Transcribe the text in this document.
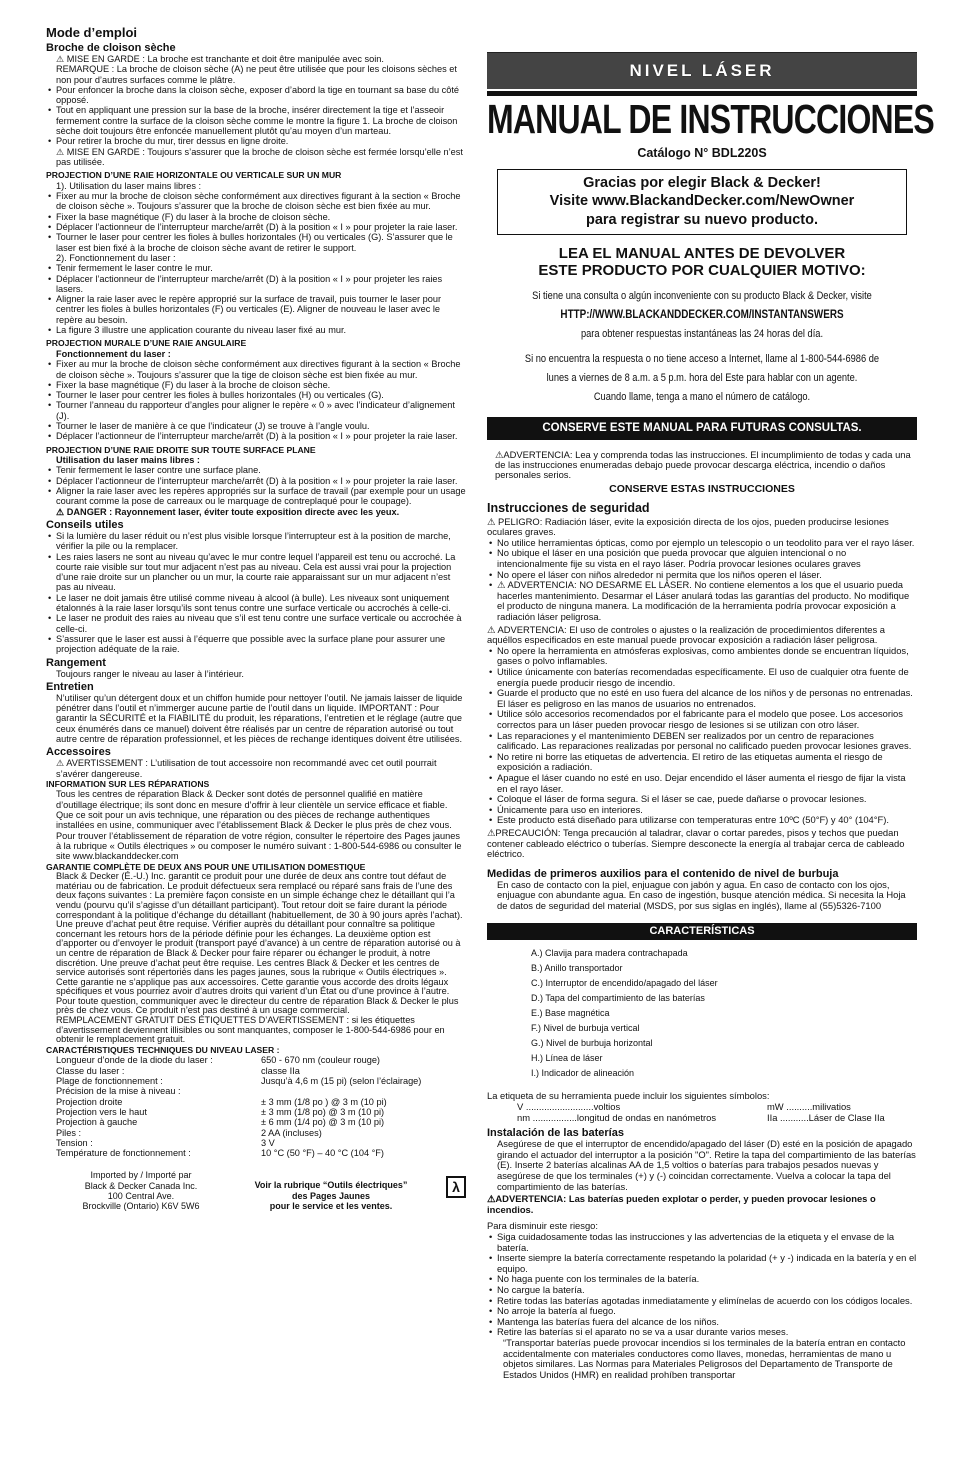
Mode d’emploi
Broche de cloison sèche

⚠ MISE EN GARDE : La broche est tranchante et doit être manipulée avec soin.

REMARQUE : La broche de cloison sèche (A) ne peut être utilisée que pour les cloisons sèches et non pour d’autres surfaces comme le plâtre.

• Pour enfoncer la broche dans la cloison sèche, exposer d’abord la tige en tournant sa base du côté opposé.

• Tout en appliquant une pression sur la base de la broche, insérer directement la tige et l’asseoir fermement contre la surface de la cloison sèche comme le montre la figure 1. La broche de cloison sèche doit toujours être enfoncée manuellement plutôt qu’au moyen d’un marteau.

• Pour retirer la broche du mur, tirer dessus en ligne droite.

⚠ MISE EN GARDE : Toujours s’assurer que la broche de cloison sèche est fermée lorsqu’elle n’est pas utilisée.

PROJECTION D’UNE RAIE HORIZONTALE OU VERTICALE SUR UN MUR

1). Utilisation du laser mains libres :

• Fixer au mur la broche de cloison sèche conformément aux directives figurant à la section « Broche de cloison sèche ». Toujours s’assurer que la broche de cloison sèche est bien fixée au mur.

• Fixer la base magnétique (F) du laser à la broche de cloison sèche.

• Déplacer l’actionneur de l’interrupteur marche/arrêt (D) à la position « I » pour projeter la raie laser.

• Tourner le laser pour centrer les fioles à bulles horizontales (H) ou verticales (G). S’assurer que le laser est bien fixé à la broche de cloison sèche avant de retirer le support.

2). Fonctionnement du laser :

• Tenir fermement le laser contre le mur.

• Déplacer l’actionneur de l’interrupteur marche/arrêt (D) à la position « I » pour projeter les raies lasers.

• Aligner la raie laser avec le repère approprié sur la surface de travail, puis tourner le laser pour centrer les fioles à bulles horizontales (F) ou verticales (E). Aligner de nouveau le laser avec le repère au besoin.

• La figure 3 illustre une application courante du niveau laser fixé au mur.

PROJECTION MURALE D’UNE RAIE ANGULAIRE

Fonctionnement du laser :

• Fixer au mur la broche de cloison sèche conformément aux directives figurant à la section « Broche de cloison sèche ». Toujours s’assurer que la tige de cloison sèche est bien fixée au mur.

• Fixer la base magnétique (F) du laser à la broche de cloison sèche.

• Tourner le laser pour centrer les fioles à bulles horizontales (H) ou verticales (G).

• Tourner l’anneau du rapporteur d’angles pour aligner le repère « 0 » avec l’indicateur d’alignement (J).

• Tourner le laser de manière à ce que l’indicateur (J) se trouve à l’angle voulu.

• Déplacer l’actionneur de l’interrupteur marche/arrêt (D) à la position « I » pour projeter la raie laser.

PROJECTION D’UNE RAIE DROITE SUR TOUTE SURFACE PLANE

Utilisation du laser mains libres :

• Tenir fermement le laser contre une surface plane.

• Déplacer l’actionneur de l’interrupteur marche/arrêt (D) à la position « I » pour projeter la raie laser.

• Aligner la raie laser avec les repères appropriés sur la surface de travail (par exemple pour un usage courant comme la pose de carreaux ou le marquage de contreplaqué pour le coupage).

⚠ DANGER : Rayonnement laser, éviter toute exposition directe avec les yeux.

Conseils utiles

• Si la lumière du laser réduit ou n’est plus visible lorsque l’interrupteur est à la position de marche, vérifier la pile ou la remplacer.

• Les raies lasers ne sont au niveau qu’avec le mur contre lequel l’appareil est tenu ou accroché. La courte raie visible sur tout mur adjacent n’est pas au niveau. Cela est aussi vrai pour la projection d’une raie droite sur un plancher ou un mur, la courte raie apparaissant sur un mur adjacent n’est pas au niveau.

• Le laser ne doit jamais être utilisé comme niveau à alcool (à bulle). Les niveaux sont uniquement étalonnés à la raie laser lorsqu’ils sont tenus contre une surface verticale ou accrochés à celle-ci.

• Le laser ne produit des raies au niveau que s’il est tenu contre une surface verticale ou accrochée à celle-ci.

• S’assurer que le laser est aussi à l’équerre que possible avec la surface plane pour assurer une projection adéquate de la raie.

Rangement

Toujours ranger le niveau au laser à l’intérieur.

Entretien

N’utiliser qu’un détergent doux et un chiffon humide pour nettoyer l’outil. Ne jamais laisser de liquide pénétrer dans l’outil et n’immerger aucune partie de l’outil dans un liquide. IMPORTANT : Pour garantir la SÉCURITÉ et la FIABILITÉ du produit, les réparations, l’entretien et le réglage (autre que ceux énumérés dans ce manuel) doivent être réalisés par un centre de réparation autorisé ou tout autre centre de réparation professionnel, et les pièces de rechange identiques doivent être utilisées.

Accessoires

⚠ AVERTISSEMENT : L’utilisation de tout accessoire non recommandé avec cet outil pourrait s’avérer dangereuse.

INFORMATION SUR LES RÉPARATIONS

Tous les centres de réparation Black & Decker sont dotés de personnel qualifié en matière d’outillage électrique; ils sont donc en mesure d’offrir à leur clientèle un service efficace et fiable. Que ce soit pour un avis technique, une réparation ou des pièces de rechange authentiques installées en usine, communiquer avec l’établissement Black & Decker le plus près de chez vous. Pour trouver l’établissement de réparation de votre région, consulter le répertoire des Pages jaunes à la rubrique « Outils électriques » ou composer le numéro suivant : 1-800-544-6986 ou consulter le site www.blackanddecker.com

GARANTIE COMPLÈTE DE DEUX ANS POUR UNE UTILISATION DOMESTIQUE

Black & Decker (É.-U.) Inc. garantit ce produit pour une durée de deux ans contre tout défaut de matériau ou de fabrication. Le produit défectueux sera remplacé ou réparé sans frais de l’une des deux façons suivantes : La première façon consiste en un simple échange chez le détaillant qui l’a vendu (pourvu qu’il s’agisse d’un détaillant participant). Tout retour doit se faire durant la période correspondant à la politique d’échange du détaillant (habituellement, de 30 à 90 jours après l’achat). Une preuve d’achat peut être requise. Vérifier auprès du détaillant pour connaître sa politique concernant les retours hors de la période définie pour les échanges. La deuxième option est d’apporter ou d’envoyer le produit (transport payé d’avance) à un centre de réparation autorisé ou à un centre de réparation de Black & Decker pour faire réparer ou échanger le produit, à notre discrétion. Une preuve d’achat peut être requise. Les centres Black & Decker et les centres de service autorisés sont répertoriés dans les pages jaunes, sous la rubrique « Outils électriques ». Cette garantie ne s’applique pas aux accessoires. Cette garantie vous accorde des droits légaux spécifiques et vous pourriez avoir d’autres droits qui varient d’un État ou d’une province à l’autre. Pour toute question, communiquer avec le directeur du centre de réparation Black & Decker le plus près de chez vous. Ce produit n’est pas destiné à un usage commercial.

REMPLACEMENT GRATUIT DES ÉTIQUETTES D’AVERTISSEMENT : si les étiquettes d’avertissement deviennent illisibles ou sont manquantes, composer le 1-800-544-6986 pour en obtenir le remplacement gratuit.

CARACTÉRISTIQUES TECHNIQUES DU NIVEAU LASER :
Longueur d’onde de la diode du laser :	650 - 670 nm (couleur rouge)
Classe du laser :	classe IIa
Plage de fonctionnement :	Jusqu’à 4,6 m (15 pi) (selon l’éclairage)
Précision de la mise à niveau :
Projection droite	± 3 mm (1/8 po ) @ 3 m (10 pi)
Projection vers le haut	± 3 mm (1/8 po) @ 3 m (10 pi)
Projection à gauche	± 6 mm (1/4 po) @ 3 m (10 pi)
Piles :	2 AA (incluses)
Tension :	3 V
Température de fonctionnement :	10 °C (50 °F) – 40 °C (104 °F)
Imported by / Importé par
Black & Decker Canada Inc.
100 Central Ave.
Brockville (Ontario) K6V 5W6
Voir la rubrique “Outils électriques”
des Pages Jaunes
pour le service et les ventes.
λ
NIVEL LÁSER
MANUAL DE INSTRUCCIONES
Catálogo N° BDL220S
Gracias por elegir Black & Decker!
Visite www.BlackandDecker.com/NewOwner
para registrar su nuevo producto.
LEA EL MANUAL ANTES DE DEVOLVER
ESTE PRODUCTO POR CUALQUIER MOTIVO:
Si tiene una consulta o algún inconveniente con su producto Black & Decker, visite
HTTP://WWW.BLACKANDDECKER.COM/INSTANTANSWERS
para obtener respuestas instantáneas las 24 horas del día.
Si no encuentra la respuesta o no tiene acceso a Internet, llame al 1-800-544-6986 de
lunes a viernes de 8 a.m. a 5 p.m. hora del Este para hablar con un agente.
Cuando llame, tenga a mano el número de catálogo.
CONSERVE ESTE MANUAL PARA FUTURAS CONSULTAS.

⚠ADVERTENCIA: Lea y comprenda todas las instrucciones. El incumplimiento de todas y cada una de las instrucciones enumeradas debajo puede provocar descarga eléctrica, incendio o daños personales serios.

CONSERVE ESTAS INSTRUCCIONES
Instrucciones de seguridad

⚠ PELIGRO: Radiación láser, evite la exposición directa de los ojos, pueden producirse lesiones oculares graves.

• No utilice herramientas ópticas, como por ejemplo un telescopio o un teodolito para ver el rayo láser.

• No ubique el láser en una posición que pueda provocar que alguien intencional o no intencionalmente fije su vista en el rayo láser. Podría provocar lesiones oculares graves

• No opere el láser con niños alrededor ni permita que los niños operen el láser.

• ⚠ ADVERTENCIA: NO DESARME EL LÁSER. No contiene elementos a los que el usuario pueda hacerles mantenimiento. Desarmar el Láser anulará todas las garantías del producto. No modifique el producto de ninguna manera. La modificación de la herramienta podría provocar exposición a radiación láser peligrosa.

⚠ ADVERTENCIA: El uso de controles o ajustes o la realización de procedimientos diferentes a aquéllos especificados en este manual puede provocar exposición a radiación láser peligrosa.

• No opere la herramienta en atmósferas explosivas, como ambientes donde se encuentran líquidos, gases o polvo inflamables.

• Utilice únicamente con baterías recomendadas específicamente. El uso de cualquier otra fuente de energía puede producir riesgo de incendio.

• Guarde el producto que no esté en uso fuera del alcance de los niños y de personas no entrenadas. El láser es peligroso en las manos de usuarios no entrenados.

• Utilice sólo accesorios recomendados por el fabricante para el modelo que posee. Los accesorios correctos para un láser pueden provocar riesgo de lesiones si se utilizan con otro láser.

• Las reparaciones y el mantenimiento DEBEN ser realizados por un centro de reparaciones calificado. Las reparaciones realizadas por personal no calificado pueden provocar lesiones graves.

• No retire ni borre las etiquetas de advertencia. El retiro de las etiquetas aumenta el riesgo de exposición a radiación.

• Apague el láser cuando no esté en uso. Dejar encendido el láser aumenta el riesgo de fijar la vista en el rayo láser.

• Coloque el láser de forma segura. Si el láser se cae, puede dañarse o provocar lesiones.

• Únicamente para uso en interiores.

• Este producto está diseñado para utilizarse con temperaturas entre 10ºC (50°F) y 40° (104°F).

⚠PRECAUCIÓN: Tenga precaución al taladrar, clavar o cortar paredes, pisos y techos que puedan contener cableado eléctrico o tuberías. Siempre desconecte la energía al trabajar cerca de cableado eléctrico.

Medidas de primeros auxilios para el contenido de nivel de burbuja

En caso de contacto con la piel, enjuague con jabón y agua. En caso de contacto con los ojos, enjuague con abundante agua. En caso de ingestión, busque atención médica. Si necesita la Hoja de datos de seguridad del material (MSDS, por sus siglas en inglés), llame al (55)5326-7100

CARACTERÍSTICAS
A.) Clavija para madera contrachapada
B.) Anillo transportador
C.) Interruptor de encendido/apagado del láser
D.) Tapa del compartimiento de las baterías
E.) Base magnética
F.) Nivel de burbuja vertical
G.) Nivel de burbuja horizontal
H.) Línea de láser
I.) Indicador de alineación

La etiqueta de su herramienta puede incluir los siguientes símbolos:

V ..........................voltios	mW ..........milivatios
nm .................longitud de ondas en nanómetros	IIa ...........Láser de Clase IIa
Instalación de las baterías

Asegúrese de que el interruptor de encendido/apagado del láser (D) esté en la posición de apagado girando el actuador del interruptor a la posición "O". Retire la tapa del compartimiento de las baterías (E). Inserte 2 baterías alcalinas AA de 1,5 voltios o baterías para trabajos pesados nuevas y asegúrese de que los terminales (+) y (-) coincidan correctamente. Vuelva a colocar la tapa del compartimiento de las baterías.

⚠ADVERTENCIA: Las baterías pueden explotar o perder, y pueden provocar lesiones o incendios.

Para disminuir este riesgo:

• Siga cuidadosamente todas las instrucciones y las advertencias de la etiqueta y el envase de la batería.

• Inserte siempre la batería correctamente respetando la polaridad (+ y -) indicada en la batería y en el equipo.

• No haga puente con los terminales de la batería.

• No cargue la batería.

• Retire todas las baterías agotadas inmediatamente y elimínelas de acuerdo con los códigos locales.

• No arroje la batería al fuego.

• Mantenga las baterías fuera del alcance de los niños.

• Retire las baterías si el aparato no se va a usar durante varios meses.

“Transportar baterías puede provocar incendios si los terminales de la batería entran en contacto accidentalmente con materiales conductores como llaves, monedas, herramientas de mano u objetos similares. Las Normas para Materiales Peligrosos del Departamento de Transporte de Estados Unidos (HMR) en realidad prohíben transportar
